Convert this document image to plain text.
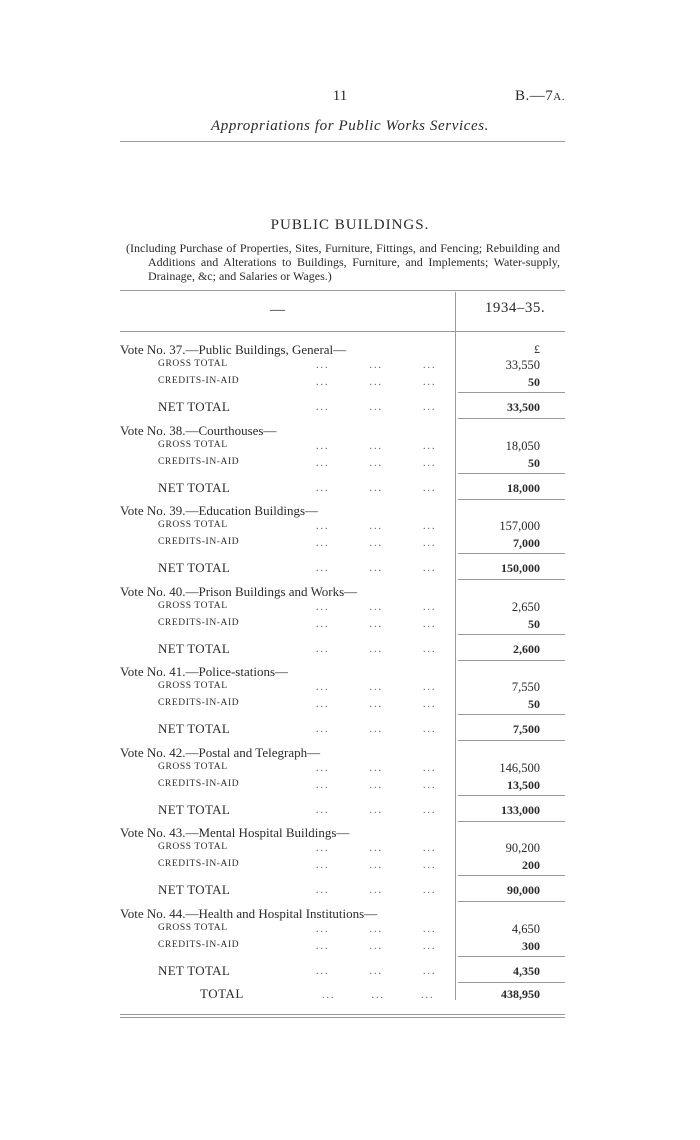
11	B.—7A.
Appropriations for Public Works Services.
PUBLIC BUILDINGS.
(Including Purchase of Properties, Sites, Furniture, Fittings, and Fencing; Rebuilding and Additions and Alterations to Buildings, Furniture, and Implements; Water-supply, Drainage, &c; and Salaries or Wages.)
—	1934–35.
£
Vote No. 37.—Public Buildings, General—
GROSS TOTAL	...	...	...	33,550
CREDITS-IN-AID	...	...	...	50
NET TOTAL	...	...	...	33,500
Vote No. 38.—Courthouses—
GROSS TOTAL	...	...	...	18,050
CREDITS-IN-AID	...	...	...	50
NET TOTAL	...	...	...	18,000
Vote No. 39.—Education Buildings—
GROSS TOTAL	...	...	...	157,000
CREDITS-IN-AID	...	...	...	7,000
NET TOTAL	...	...	...	150,000
Vote No. 40.—Prison Buildings and Works—
GROSS TOTAL	...	...	...	2,650
CREDITS-IN-AID	...	...	...	50
NET TOTAL	...	...	...	2,600
Vote No. 41.—Police-stations—
GROSS TOTAL	...	...	...	7,550
CREDITS-IN-AID	...	...	...	50
NET TOTAL	...	...	...	7,500
Vote No. 42.—Postal and Telegraph—
GROSS TOTAL	...	...	...	146,500
CREDITS-IN-AID	...	...	...	13,500
NET TOTAL	...	...	...	133,000
Vote No. 43.—Mental Hospital Buildings—
GROSS TOTAL	...	...	...	90,200
CREDITS-IN-AID	...	...	...	200
NET TOTAL	...	...	...	90,000
Vote No. 44.—Health and Hospital Institutions—
GROSS TOTAL	...	...	...	4,650
CREDITS-IN-AID	...	...	...	300
NET TOTAL	...	...	...	4,350
TOTAL	...	...	...	438,950
